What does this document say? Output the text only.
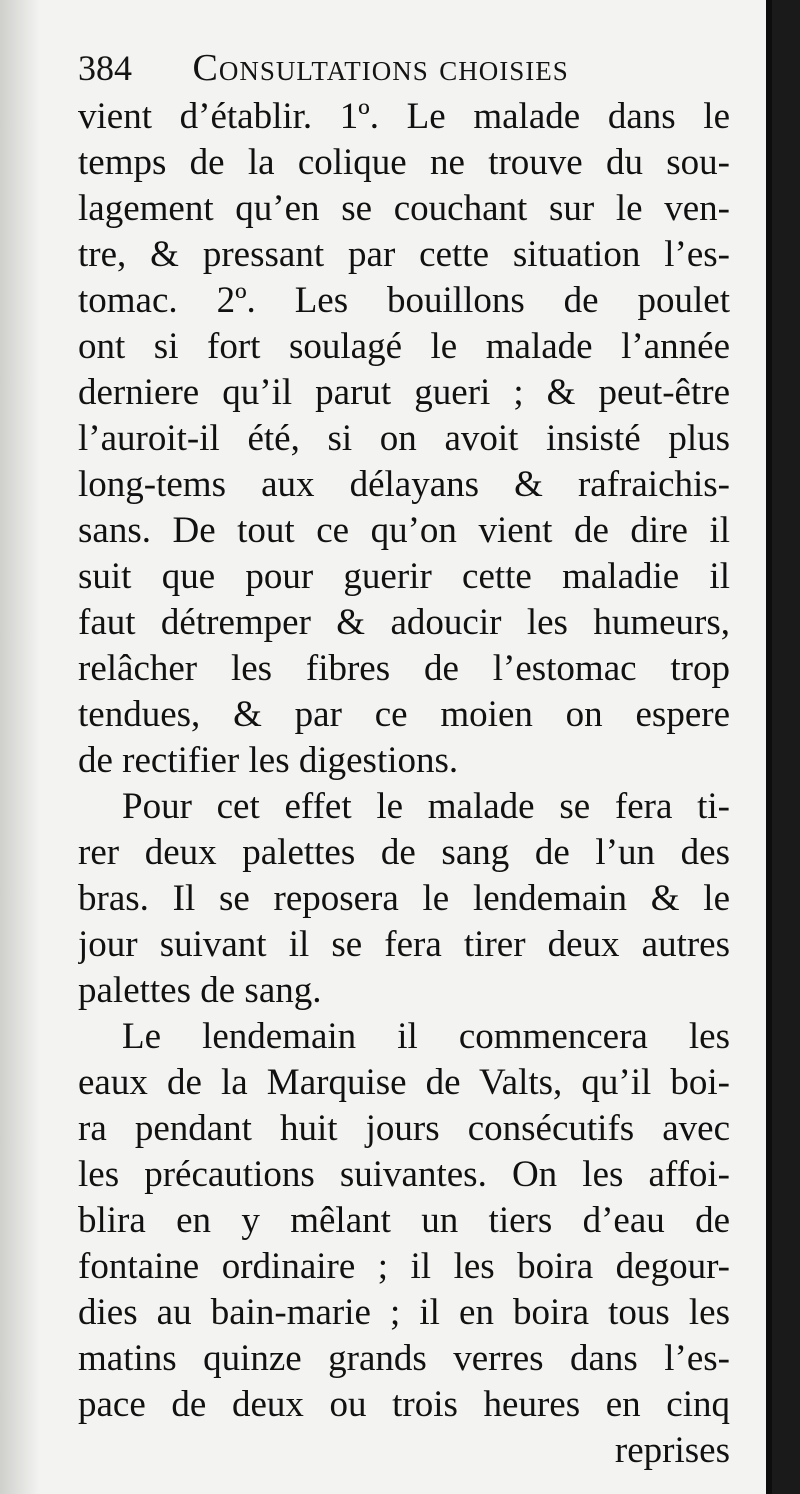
384 Consultations choisies
vient d’établir. 1º. Le malade dans le
temps de la colique ne trouve du sou-
lagement qu’en se couchant sur le ven-
tre, & pressant par cette situation l’es-
tomac. 2º. Les bouillons de poulet
ont si fort soulagé le malade l’année
derniere qu’il parut gueri ; & peut-être
l’auroit-il été, si on avoit insisté plus
long-tems aux délayans & rafraichis-
sans. De tout ce qu’on vient de dire il
suit que pour guerir cette maladie il
faut détremper & adoucir les humeurs,
relâcher les fibres de l’estomac trop
tendues, & par ce moien on espere
de rectifier les digestions.
Pour cet effet le malade se fera ti-
rer deux palettes de sang de l’un des
bras. Il se reposera le lendemain & le
jour suivant il se fera tirer deux autres
palettes de sang.
Le lendemain il commencera les
eaux de la Marquise de Valts, qu’il boi-
ra pendant huit jours consécutifs avec
les précautions suivantes. On les affoi-
blira en y mêlant un tiers d’eau de
fontaine ordinaire ; il les boira degour-
dies au bain-marie ; il en boira tous les
matins quinze grands verres dans l’es-
pace de deux ou trois heures en cinq
reprises
